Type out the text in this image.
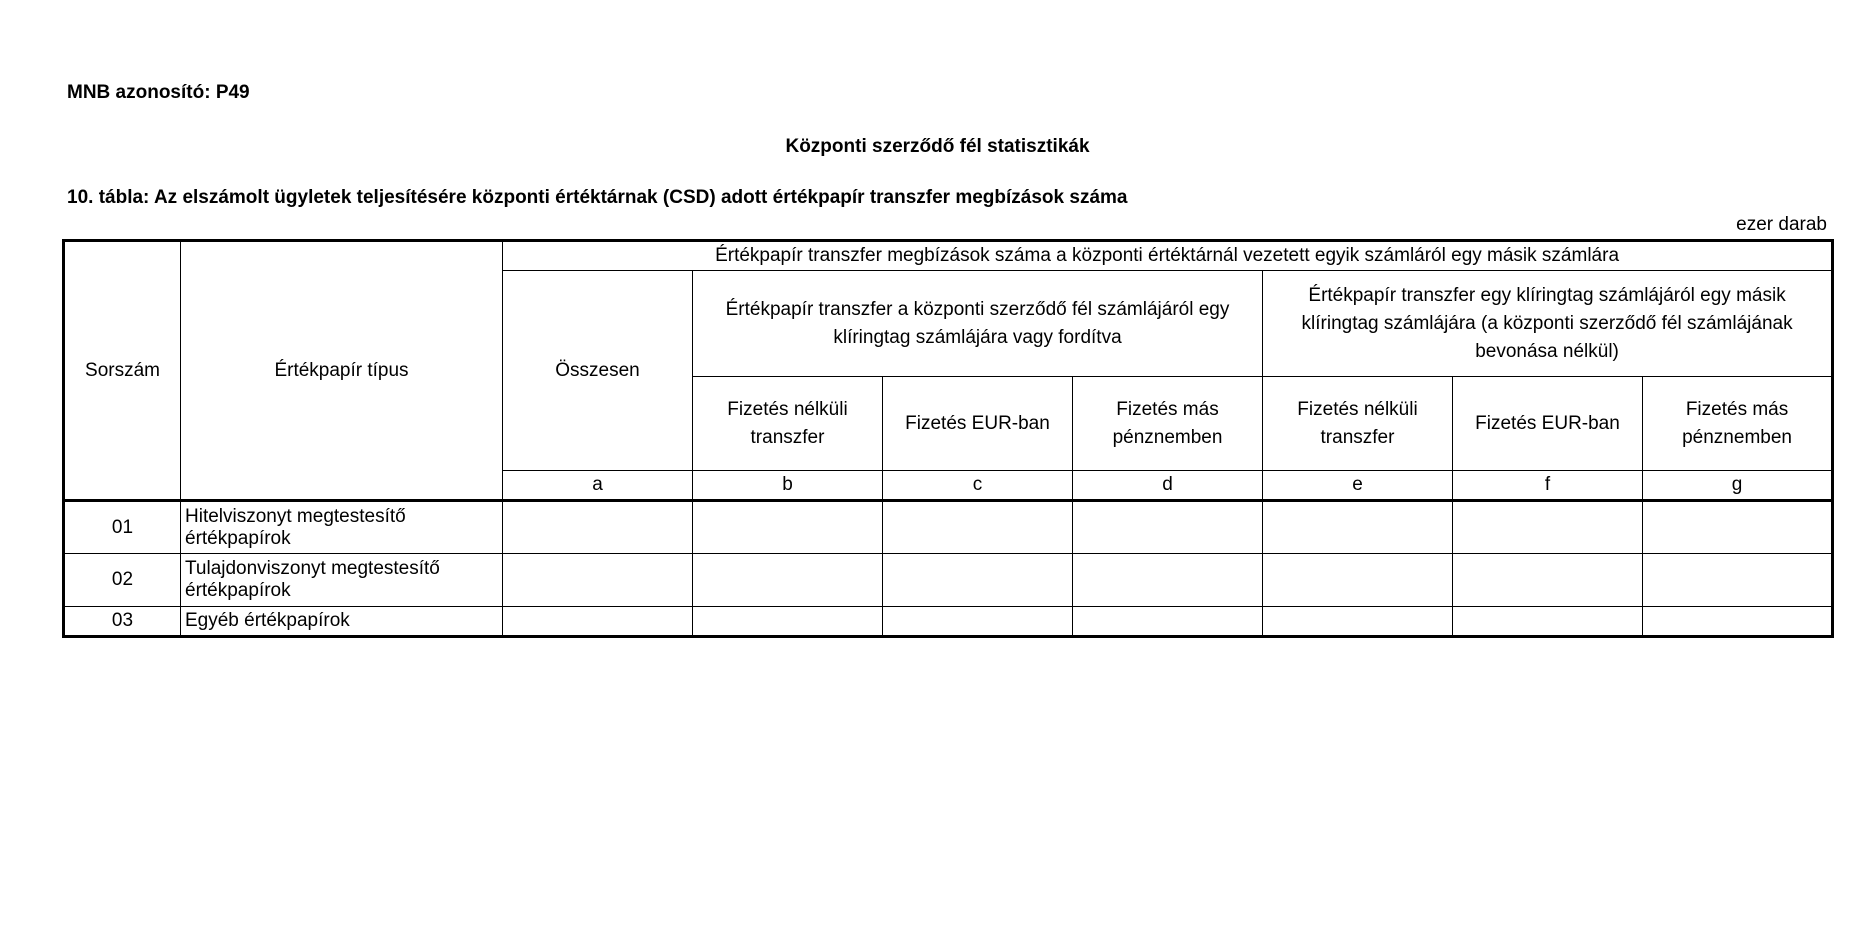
MNB azonosító: P49
Központi szerződő fél statisztikák
10. tábla: Az elszámolt ügyletek teljesítésére központi értéktárnak (CSD) adott értékpapír transzfer megbízások száma
ezer darab
Sorszám	Értékpapír típus	Értékpapír transzfer megbízások száma a központi értéktárnál vezetett egyik számláról egy másik számlára						
		Összesen	Értékpapír transzfer a központi szerződő fél számlájáról egy klíringtag számlájára vagy fordítva			Értékpapír transzfer egy klíringtag számlájáról egy másik klíringtag számlájára (a központi szerződő fél számlájának bevonása nélkül)		
			Fizetés nélküli transzfer	Fizetés EUR-ban	Fizetés más pénznemben	Fizetés nélküli transzfer	Fizetés EUR-ban	Fizetés más pénznemben
		a	b	c	d	e	f	g
01	Hitelviszonyt megtestesítő értékpapírok							
02	Tulajdonviszonyt megtestesítő értékpapírok							
03	Egyéb értékpapírok							
